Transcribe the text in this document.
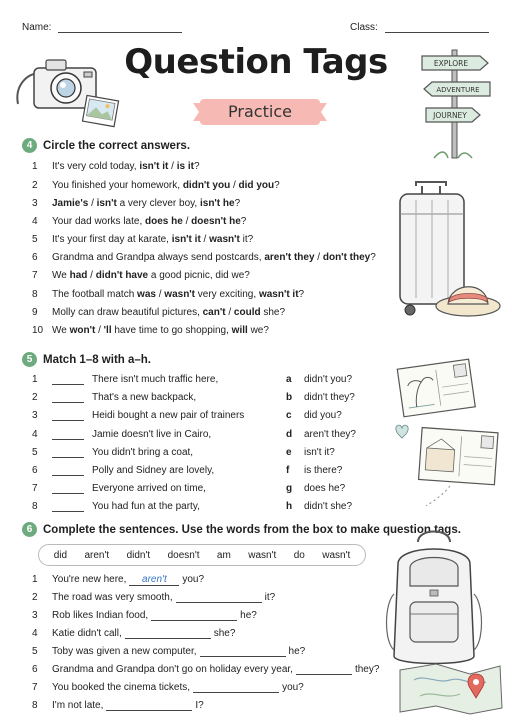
Name:	Class:
Question Tags
Practice
EXPLORE
ADVENTURE
JOURNEY
4 Circle the correct answers.
1 It's very cold today, isn't it / is it?
2 You finished your homework, didn't you / did you?
3 Jamie's / isn't a very clever boy, isn't he?
4 Your dad works late, does he / doesn't he?
5 It's your first day at karate, isn't it / wasn't it?
6 Grandma and Grandpa always send postcards, aren't they / don't they?
7 We had / didn't have a good picnic, did we?
8 The football match was / wasn't very exciting, wasn't it?
9 Molly can draw beautiful pictures, can't / could she?
10 We won't / 'll have time to go shopping, will we?
5 Match 1–8 with a–h.
1	There isn't much traffic here,
2	That's a new backpack,
3	Heidi bought a new pair of trainers
4	Jamie doesn't live in Cairo,
5	You didn't bring a coat,
6	Polly and Sidney are lovely,
7	Everyone arrived on time,
8	You had fun at the party,
a didn't you?
b didn't they?
c did you?
d aren't they?
e isn't it?
f is there?
g does he?
h didn't she?
6 Complete the sentences. Use the words from the box to make question tags.
did aren't didn't doesn't am wasn't do wasn't
1 You're new here, aren't you?
2 The road was very smooth,	it?
3 Rob likes Indian food,	he?
4 Katie didn't call,	she?
5 Toby was given a new computer,	he?
6 Grandma and Grandpa don't go on holiday every year,	they?
7 You booked the cinema tickets,	you?
8 I'm not late,	I?
